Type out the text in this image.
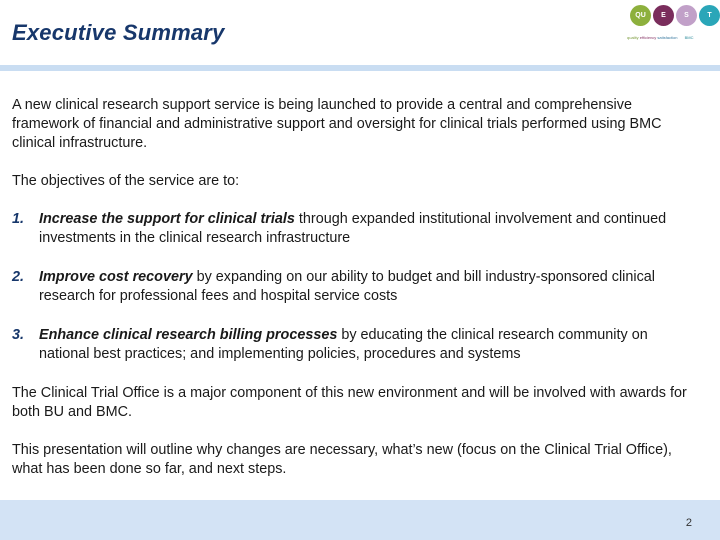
Executive Summary
QU	E	S	T
quality efficiency satisfaction BMC

A new clinical research support service is being launched to provide a central and comprehensive framework of financial and administrative support and oversight for clinical trials performed using BMC clinical infrastructure.

The objectives of the service are to:

1.	Increase the support for clinical trials through expanded institutional involvement and continued investments in the clinical research infrastructure
2.	Improve cost recovery by expanding on our ability to budget and bill industry-sponsored clinical research for professional fees and hospital service costs
3.	Enhance clinical research billing processes by educating the clinical research community on national best practices; and implementing policies, procedures and systems

The Clinical Trial Office is a major component of this new environment and will be involved with awards for both BU and BMC.

This presentation will outline why changes are necessary, what’s new (focus on the Clinical Trial Office), what has been done so far, and next steps.

2
